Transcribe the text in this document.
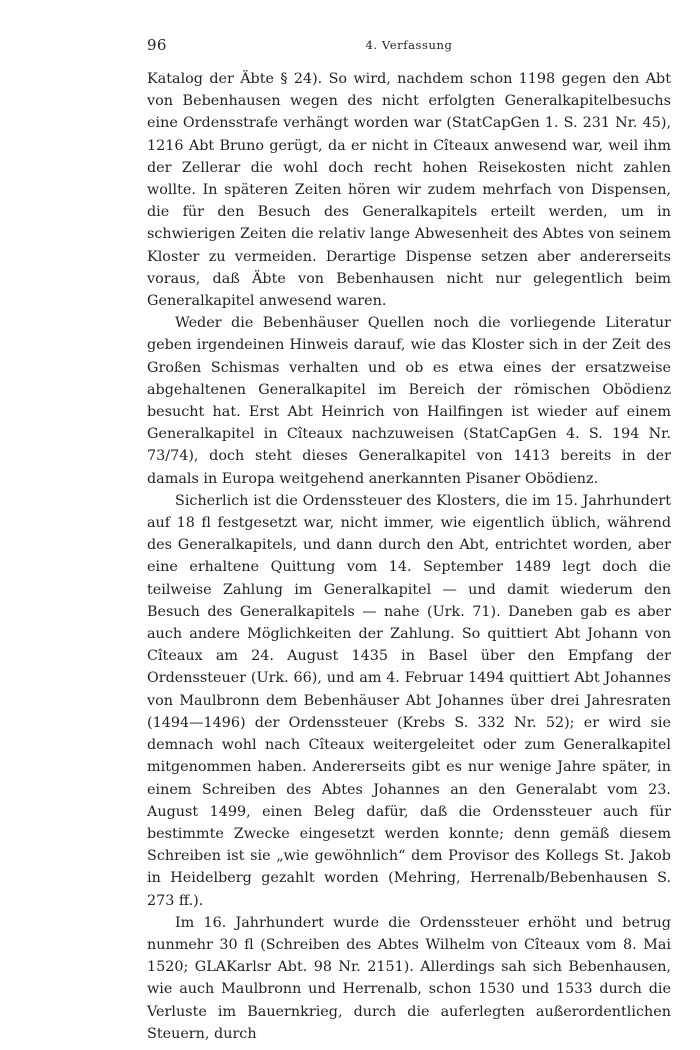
96	4. Verfassung

Katalog der Äbte § 24). So wird, nachdem schon 1198 gegen den Abt von Bebenhausen wegen des nicht erfolgten Generalkapitelbesuchs eine Ordensstrafe verhängt worden war (StatCapGen 1. S. 231 Nr. 45), 1216 Abt Bruno gerügt, da er nicht in Cîteaux anwesend war, weil ihm der Zellerar die wohl doch recht hohen Reisekosten nicht zahlen wollte. In späteren Zeiten hören wir zudem mehrfach von Dispensen, die für den Besuch des Generalkapitels erteilt werden, um in schwierigen Zeiten die relativ lange Abwesenheit des Abtes von seinem Kloster zu vermeiden. Derartige Dispense setzen aber andererseits voraus, daß Äbte von Bebenhausen nicht nur gelegentlich beim Generalkapitel anwesend waren.

Weder die Bebenhäuser Quellen noch die vorliegende Literatur geben irgendeinen Hinweis darauf, wie das Kloster sich in der Zeit des Großen Schismas verhalten und ob es etwa eines der ersatzweise abgehaltenen Generalkapitel im Bereich der römischen Obödienz besucht hat. Erst Abt Heinrich von Hailfingen ist wieder auf einem Generalkapitel in Cîteaux nachzuweisen (StatCapGen 4. S. 194 Nr. 73/74), doch steht dieses Generalkapitel von 1413 bereits in der damals in Europa weitgehend anerkannten Pisaner Obödienz.

Sicherlich ist die Ordenssteuer des Klosters, die im 15. Jahrhundert auf 18 fl festgesetzt war, nicht immer, wie eigentlich üblich, während des Generalkapitels, und dann durch den Abt, entrichtet worden, aber eine erhaltene Quittung vom 14. September 1489 legt doch die teilweise Zahlung im Generalkapitel — und damit wiederum den Besuch des Generalkapitels — nahe (Urk. 71). Daneben gab es aber auch andere Möglichkeiten der Zahlung. So quittiert Abt Johann von Cîteaux am 24. August 1435 in Basel über den Empfang der Ordenssteuer (Urk. 66), und am 4. Februar 1494 quittiert Abt Johannes von Maulbronn dem Bebenhäuser Abt Johannes über drei Jahresraten (1494—1496) der Ordenssteuer (Krebs S. 332 Nr. 52); er wird sie demnach wohl nach Cîteaux weitergeleitet oder zum Generalkapitel mitgenommen haben. Andererseits gibt es nur wenige Jahre später, in einem Schreiben des Abtes Johannes an den Generalabt vom 23. August 1499, einen Beleg dafür, daß die Ordenssteuer auch für bestimmte Zwecke eingesetzt werden konnte; denn gemäß diesem Schreiben ist sie „wie gewöhnlich“ dem Provisor des Kollegs St. Jakob in Heidelberg gezahlt worden (Mehring, Herrenalb/Bebenhausen S. 273 ff.).

Im 16. Jahrhundert wurde die Ordenssteuer erhöht und betrug nunmehr 30 fl (Schreiben des Abtes Wilhelm von Cîteaux vom 8. Mai 1520; GLAKarlsr Abt. 98 Nr. 2151). Allerdings sah sich Bebenhausen, wie auch Maulbronn und Herrenalb, schon 1530 und 1533 durch die Verluste im Bauernkrieg, durch die auferlegten außerordentlichen Steuern, durch
